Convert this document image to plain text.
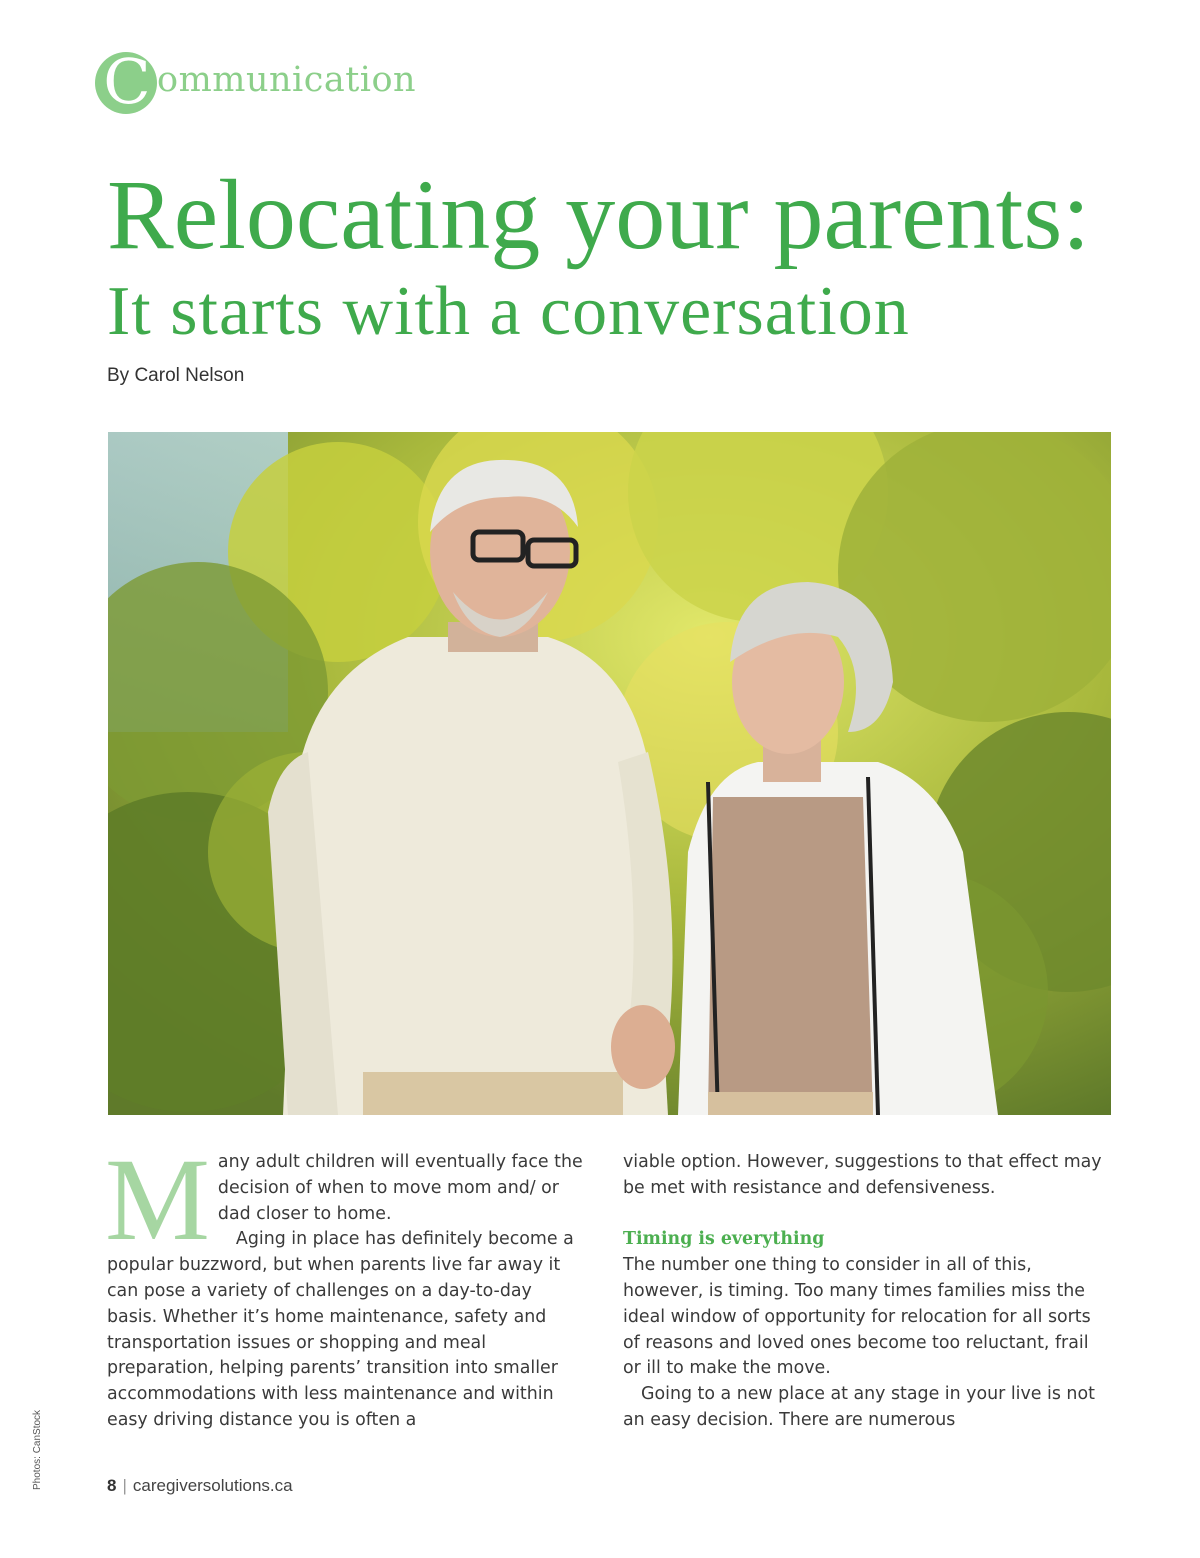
C ommunication
Relocating your parents:
It starts with a conversation
By Carol Nelson
Photos: CanStock
M any adult children will eventually face the decision of when to move mom and/ or dad closer to home.

Aging in place has definitely become a popular buzzword, but when parents live far away it can pose a variety of challenges on a day-to-day basis. Whether it’s home maintenance, safety and transportation issues or shopping and meal preparation, helping parents’ transition into smaller accommodations with less maintenance and within easy driving distance you is often a

viable option. However, suggestions to that effect may be met with resistance and defensiveness.

Timing is everything

The number one thing to consider in all of this, however, is timing. Too many times families miss the ideal window of opportunity for relocation for all sorts of reasons and loved ones become too reluctant, frail or ill to make the move.

Going to a new place at any stage in your live is not an easy decision. There are numerous

8 | caregiversolutions.ca
